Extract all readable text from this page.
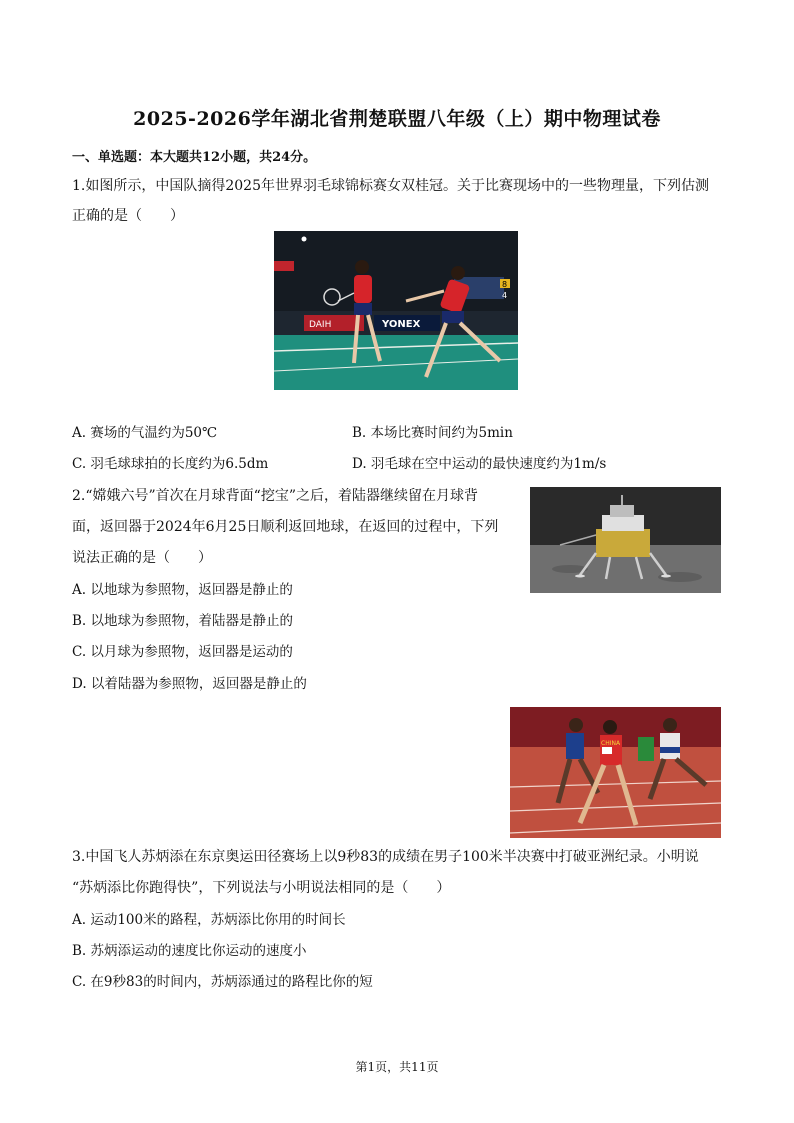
2025-2026学年湖北省荆楚联盟八年级（上）期中物理试卷
一、单选题：本大题共12小题，共24分。
1.如图所示，中国队摘得2025年世界羽毛球锦标赛女双桂冠。关于比赛现场中的一些物理量，下列估测
正确的是（　　）
DAIH	YONEX
8
4
A. 赛场的气温约为50℃	B. 本场比赛时间约为5min
C. 羽毛球球拍的长度约为6.5dm	D. 羽毛球在空中运动的最快速度约为1m/s
2.“嫦娥六号”首次在月球背面“挖宝”之后，着陆器继续留在月球背
面，返回器于2024年6月25日顺利返回地球，在返回的过程中，下列
说法正确的是（　　）
A. 以地球为参照物，返回器是静止的
B. 以地球为参照物，着陆器是静止的
C. 以月球为参照物，返回器是运动的
D. 以着陆器为参照物，返回器是静止的
CHINA
3.中国飞人苏炳添在东京奥运田径赛场上以9秒83的成绩在男子100米半决赛中打破亚洲纪录。小明说
“苏炳添比你跑得快”，下列说法与小明说法相同的是（　　）
A. 运动100米的路程，苏炳添比你用的时间长
B. 苏炳添运动的速度比你运动的速度小
C. 在9秒83的时间内，苏炳添通过的路程比你的短
第1页，共11页
